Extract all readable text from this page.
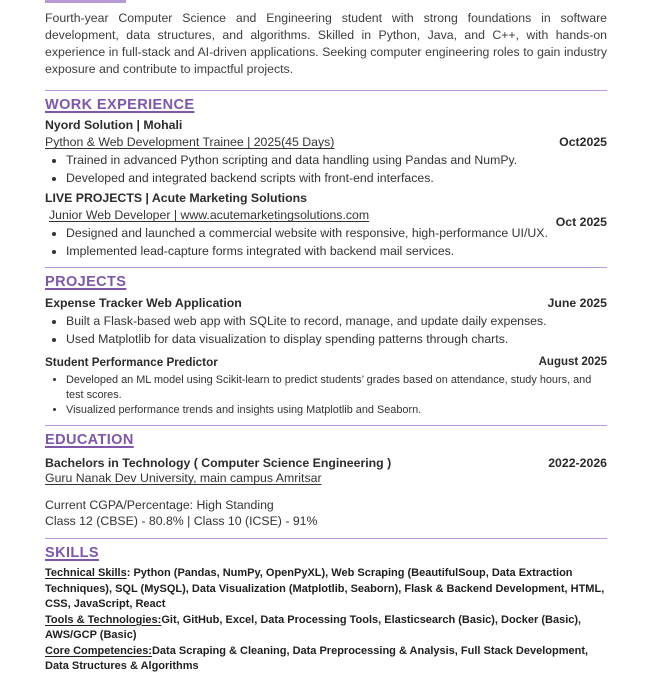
Fourth-year Computer Science and Engineering student with strong foundations in software development, data structures, and algorithms. Skilled in Python, Java, and C++, with hands-on experience in full-stack and AI-driven applications. Seeking computer engineering roles to gain industry exposure and contribute to impactful projects.

WORK EXPERIENCE
Nyord Solution | Mohali
Python & Web Development Trainee | 2025(45 Days)	Oct2025
• Trained in advanced Python scripting and data handling using Pandas and NumPy.
• Developed and integrated backend scripts with front-end interfaces.
LIVE PROJECTS | Acute Marketing Solutions
Junior Web Developer | www.acutemarketingsolutions.com	Oct 2025
• Designed and launched a commercial website with responsive, high-performance UI/UX.
• Implemented lead-capture forms integrated with backend mail services.
PROJECTS
Expense Tracker Web Application	June 2025
• Built a Flask-based web app with SQLite to record, manage, and update daily expenses.
• Used Matplotlib for data visualization to display spending patterns through charts.
Student Performance Predictor	August 2025
• Developed an ML model using Scikit-learn to predict students’ grades based on attendance, study hours, and test scores.
• Visualized performance trends and insights using Matplotlib and Seaborn.
EDUCATION
Bachelors in Technology ( Computer Science Engineering )	2022-2026
Guru Nanak Dev University, main campus Amritsar
Current CGPA/Percentage: High Standing
Class 12 (CBSE) - 80.8% | Class 10 (ICSE) - 91%
SKILLS
Technical Skills: Python (Pandas, NumPy, OpenPyXL), Web Scraping (BeautifulSoup, Data Extraction Techniques), SQL (MySQL), Data Visualization (Matplotlib, Seaborn), Flask & Backend Development, HTML, CSS, JavaScript, React
Tools & Technologies:Git, GitHub, Excel, Data Processing Tools, Elasticsearch (Basic), Docker (Basic), AWS/GCP (Basic)
Core Competencies:Data Scraping & Cleaning, Data Preprocessing & Analysis, Full Stack Development, Data Structures & Algorithms
